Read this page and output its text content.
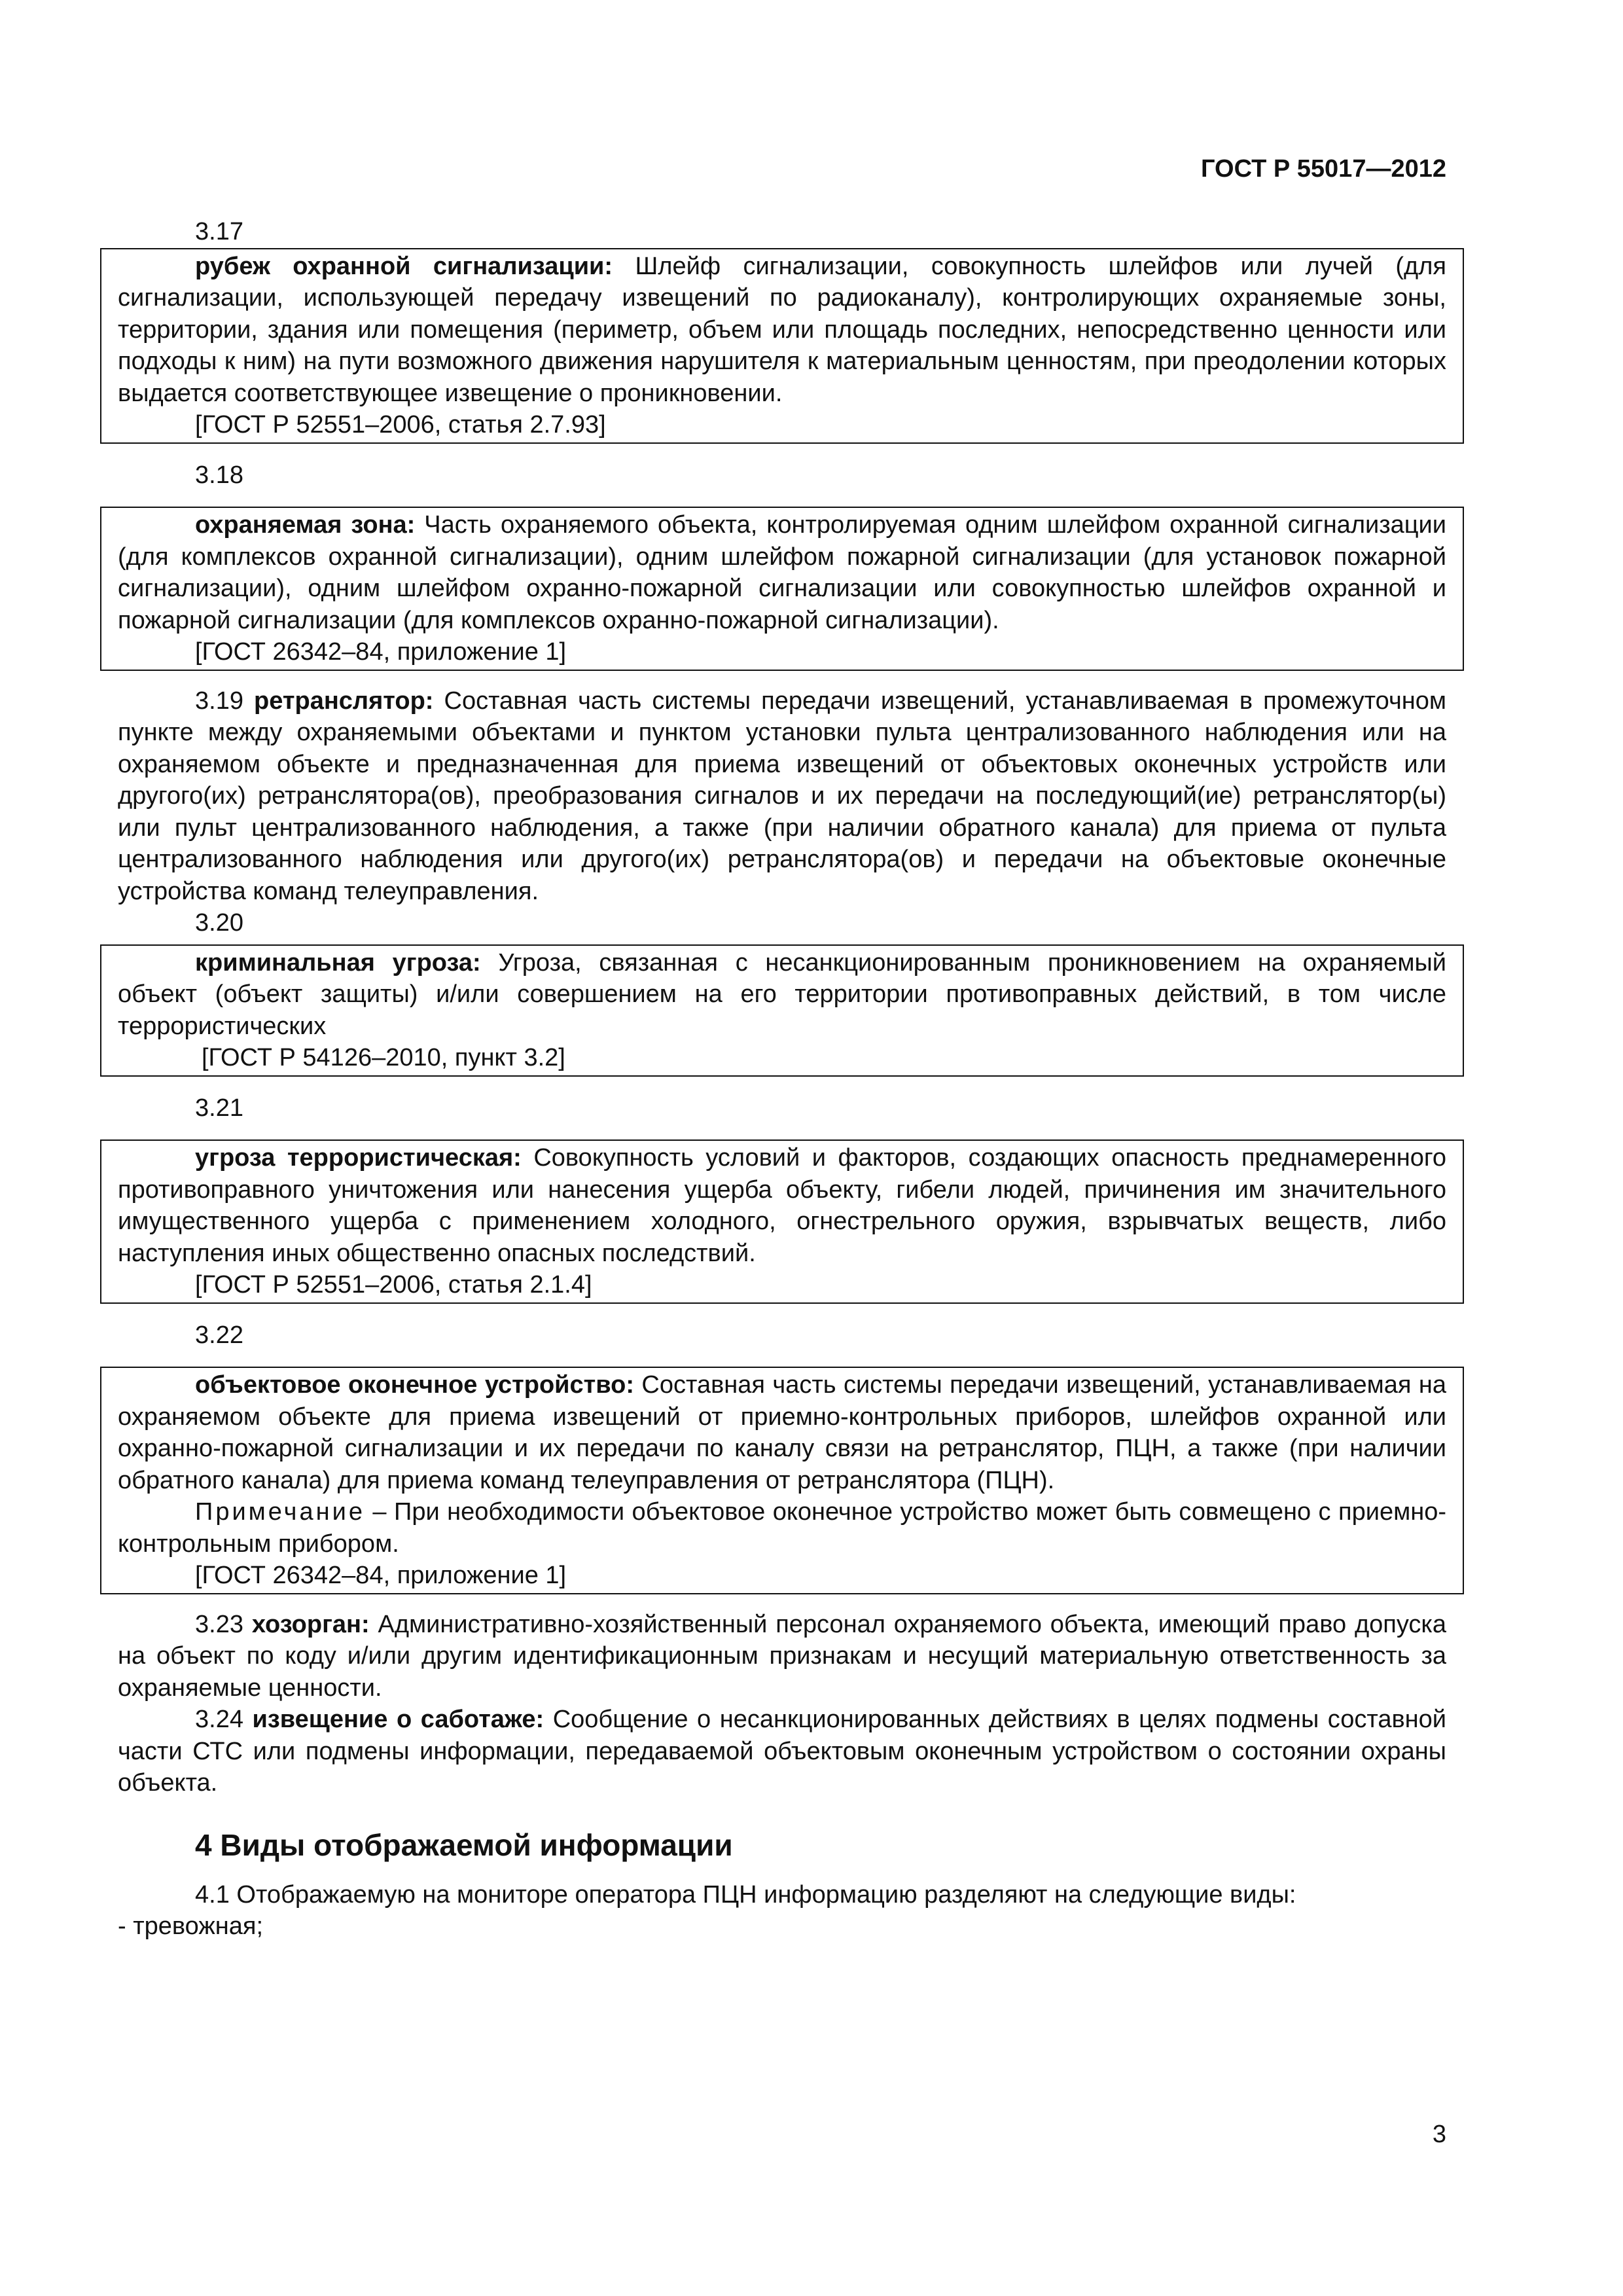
ГОСТ Р 55017—2012

3.17

рубеж охранной сигнализации: Шлейф сигнализации, совокупность шлейфов или лучей (для сигнализации, использующей передачу извещений по радиоканалу), контролирующих охраняемые зоны, территории, здания или помещения (периметр, объем или площадь последних, непосредственно ценности или подходы к ним) на пути возможного движения нарушителя к материальным ценностям, при преодолении которых выдается соответствующее извещение о проникновении.

[ГОСТ Р 52551–2006, статья 2.7.93]

3.18

охраняемая зона: Часть охраняемого объекта, контролируемая одним шлейфом охранной сигнализации (для комплексов охранной сигнализации), одним шлейфом пожарной сигнализации (для установок пожарной сигнализации), одним шлейфом охранно-пожарной сигнализации или совокупностью шлейфов охранной и пожарной сигнализации (для комплексов охранно-пожарной сигнализации).

[ГОСТ 26342–84, приложение 1]

3.19 ретранслятор: Составная часть системы передачи извещений, устанавливаемая в промежуточном пункте между охраняемыми объектами и пунктом установки пульта централизованного наблюдения или на охраняемом объекте и предназначенная для приема извещений от объектовых оконечных устройств или другого(их) ретранслятора(ов), преобразования сигналов и их передачи на последующий(ие) ретранслятор(ы) или пульт централизованного наблюдения, а также (при наличии обратного канала) для приема от пульта централизованного наблюдения или другого(их) ретранслятора(ов) и передачи на объектовые оконечные устройства команд телеуправления.

3.20

криминальная угроза: Угроза, связанная с несанкционированным проникновением на охраняемый объект (объект защиты) и/или совершением на его территории противоправных действий, в том числе террористических

[ГОСТ Р 54126–2010, пункт 3.2]

3.21

угроза террористическая: Совокупность условий и факторов, создающих опасность преднамеренного противоправного уничтожения или нанесения ущерба объекту, гибели людей, причинения им значительного имущественного ущерба с применением холодного, огнестрельного оружия, взрывчатых веществ, либо наступления иных общественно опасных последствий.

[ГОСТ Р 52551–2006, статья 2.1.4]

3.22

объектовое оконечное устройство: Составная часть системы передачи извещений, устанавливаемая на охраняемом объекте для приема извещений от приемно-контрольных приборов, шлейфов охранной или охранно-пожарной сигнализации и их передачи по каналу связи на ретранслятор, ПЦН, а также (при наличии обратного канала) для приема команд телеуправления от ретранслятора (ПЦН).

Примечание – При необходимости объектовое оконечное устройство может быть совмещено с приемно-контрольным прибором.

[ГОСТ 26342–84, приложение 1]

3.23 хозорган: Административно-хозяйственный персонал охраняемого объекта, имеющий право допуска на объект по коду и/или другим идентификационным признакам и несущий материальную ответственность за охраняемые ценности.

3.24 извещение о саботаже: Сообщение о несанкционированных действиях в целях подмены составной части СТС или подмены информации, передаваемой объектовым оконечным устройством о состоянии охраны объекта.

4 Виды отображаемой информации

4.1 Отображаемую на мониторе оператора ПЦН информацию разделяют на следующие виды:

- тревожная;

3
